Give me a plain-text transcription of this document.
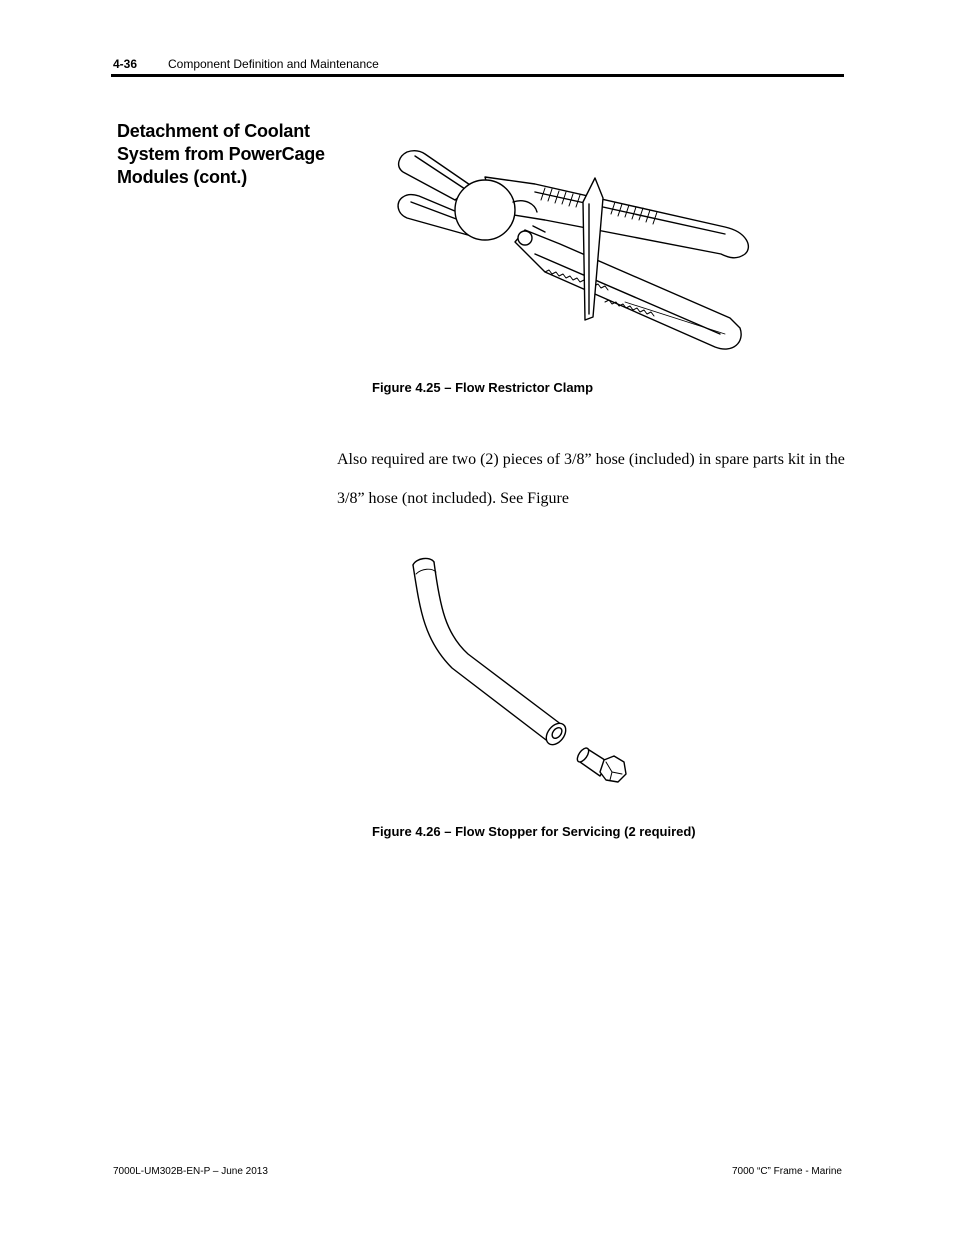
4-36	Component Definition and Maintenance
Detachment of Coolant System from PowerCage Modules (cont.)
Figure 4.25 – Flow Restrictor Clamp

Also required are two (2) pieces of 3/8” hose (included) in spare parts kit in the 3/8” hose (not included). See Figure

Figure 4.26 – Flow Stopper for Servicing (2 required)
7000L-UM302B-EN-P – June 2013	7000 “C” Frame - Marine
